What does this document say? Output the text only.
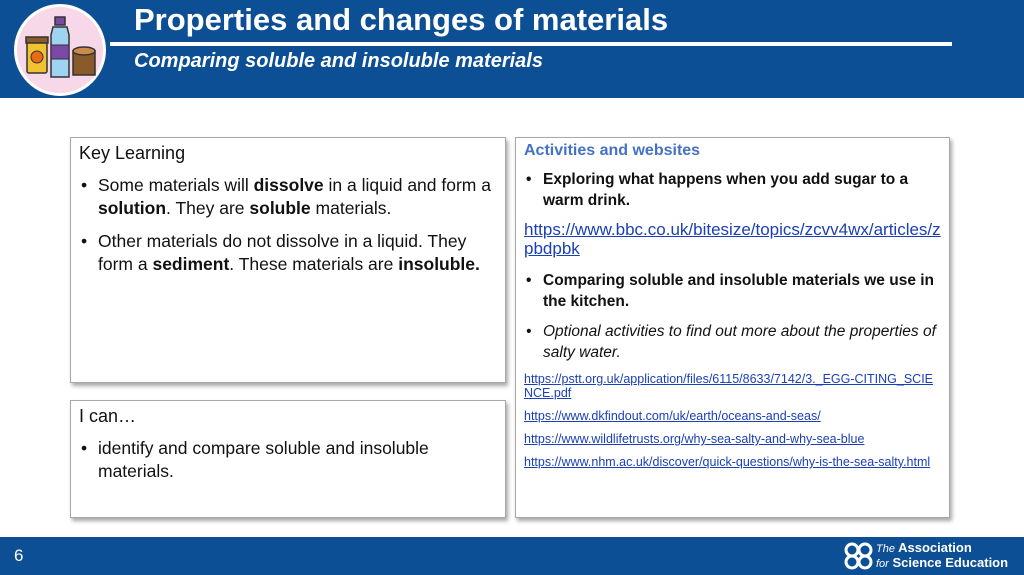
Properties and changes of materials
Comparing soluble and insoluble materials
Key Learning
• Some materials will dissolve in a liquid and form a solution. They are soluble materials.
• Other materials do not dissolve in a liquid. They form a sediment. These materials are insoluble.
I can…
• identify and compare soluble and insoluble materials.
Activities and websites
• Exploring what happens when you add sugar to a warm drink.
https://www.bbc.co.uk/bitesize/topics/zcvv4wx/articles/zpbdpbk
• Comparing soluble and insoluble materials we use in the kitchen.
• Optional activities to find out more about the properties of salty water.
https://pstt.org.uk/application/files/6115/8633/7142/3._EGG-CITING_SCIENCE.pdf
https://www.dkfindout.com/uk/earth/oceans-and-seas/
https://www.wildlifetrusts.org/why-sea-salty-and-why-sea-blue
https://www.nhm.ac.uk/discover/quick-questions/why-is-the-sea-salty.html
6	The Association
for Science Education
